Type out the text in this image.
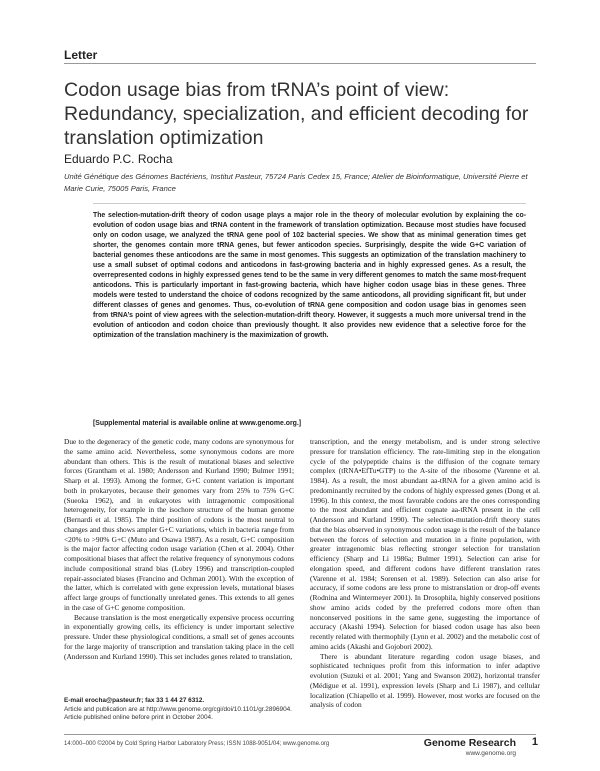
Letter
Codon usage bias from tRNA’s point of view: Redundancy, specialization, and efficient decoding for translation optimization
Eduardo P.C. Rocha
Unité Génétique des Génomes Bactériens, Institut Pasteur, 75724 Paris Cedex 15, France; Atelier de Bioinformatique, Université Pierre et Marie Curie, 75005 Paris, France

The selection-mutation-drift theory of codon usage plays a major role in the theory of molecular evolution by explaining the co-evolution of codon usage bias and tRNA content in the framework of translation optimization. Because most studies have focused only on codon usage, we analyzed the tRNA gene pool of 102 bacterial species. We show that as minimal generation times get shorter, the genomes contain more tRNA genes, but fewer anticodon species. Surprisingly, despite the wide G+C variation of bacterial genomes these anticodons are the same in most genomes. This suggests an optimization of the translation machinery to use a small subset of optimal codons and anticodons in fast-growing bacteria and in highly expressed genes. As a result, the overrepresented codons in highly expressed genes tend to be the same in very different genomes to match the same most-frequent anticodons. This is particularly important in fast-growing bacteria, which have higher codon usage bias in these genes. Three models were tested to understand the choice of codons recognized by the same anticodons, all providing significant fit, but under different classes of genes and genomes. Thus, co-evolution of tRNA gene composition and codon usage bias in genomes seen from tRNA’s point of view agrees with the selection-mutation-drift theory. However, it suggests a much more universal trend in the evolution of anticodon and codon choice than previously thought. It also provides new evidence that a selective force for the optimization of the translation machinery is the maximization of growth.

[Supplemental material is available online at www.genome.org.]

Due to the degeneracy of the genetic code, many codons are synonymous for the same amino acid. Nevertheless, some synonymous codons are more abundant than others. This is the result of mutational biases and selective forces (Grantham et al. 1980; Andersson and Kurland 1990; Bulmer 1991; Sharp et al. 1993). Among the former, G+C content variation is important both in prokaryotes, because their genomes vary from 25% to 75% G+C (Sueoka 1962), and in eukaryotes with intragenomic compositional heterogeneity, for example in the isochore structure of the human genome (Bernardi et al. 1985). The third position of codons is the most neutral to changes and thus shows ampler G+C variations, which in bacteria range from <20% to >90% G+C (Muto and Osawa 1987). As a result, G+C composition is the major factor affecting codon usage variation (Chen et al. 2004). Other compositional biases that affect the relative frequency of synonymous codons include compositional strand bias (Lobry 1996) and transcription-coupled repair-associated biases (Francino and Ochman 2001). With the exception of the latter, which is correlated with gene expression levels, mutational biases affect large groups of functionally unrelated genes. This extends to all genes in the case of G+C genome composition.

Because translation is the most energetically expensive process occurring in exponentially growing cells, its efficiency is under important selective pressure. Under these physiological conditions, a small set of genes accounts for the large majority of transcription and translation taking place in the cell (Andersson and Kurland 1990). This set includes genes related to translation,

transcription, and the energy metabolism, and is under strong selective pressure for translation efficiency. The rate-limiting step in the elongation cycle of the polypeptide chains is the diffusion of the cognate ternary complex (tRNA•EfTu•GTP) to the A-site of the ribosome (Varenne et al. 1984). As a result, the most abundant aa-tRNA for a given amino acid is predominantly recruited by the codons of highly expressed genes (Dong et al. 1996). In this context, the most favorable codons are the ones corresponding to the most abundant and efficient cognate aa-tRNA present in the cell (Andersson and Kurland 1990). The selection-mutation-drift theory states that the bias observed in synonymous codon usage is the result of the balance between the forces of selection and mutation in a finite population, with greater intragenomic bias reflecting stronger selection for translation efficiency (Sharp and Li 1986a; Bulmer 1991). Selection can arise for elongation speed, and different codons have different translation rates (Varenne et al. 1984; Sorensen et al. 1989). Selection can also arise for accuracy, if some codons are less prone to mistranslation or drop-off events (Rodnina and Wintermeyer 2001). In Drosophila, highly conserved positions show amino acids coded by the preferred codons more often than nonconserved positions in the same gene, suggesting the importance of accuracy (Akashi 1994). Selection for biased codon usage has also been recently related with thermophily (Lynn et al. 2002) and the metabolic cost of amino acids (Akashi and Gojobori 2002).

There is abundant literature regarding codon usage biases, and sophisticated techniques profit from this information to infer adaptive evolution (Suzuki et al. 2001; Yang and Swanson 2002), horizontal transfer (Médigue et al. 1991), expression levels (Sharp and Li 1987), and cellular localization (Chiapello et al. 1999). However, most works are focused on the analysis of codon

E-mail erocha@pasteur.fr; fax 33 1 44 27 6312.
Article and publication are at http://www.genome.org/cgi/doi/10.1101/gr.2896904. Article published online before print in October 2004.
14:000–000 ©2004 by Cold Spring Harbor Laboratory Press; ISSN 1088-9051/04; www.genome.org	Genome Research 1
www.genome.org
